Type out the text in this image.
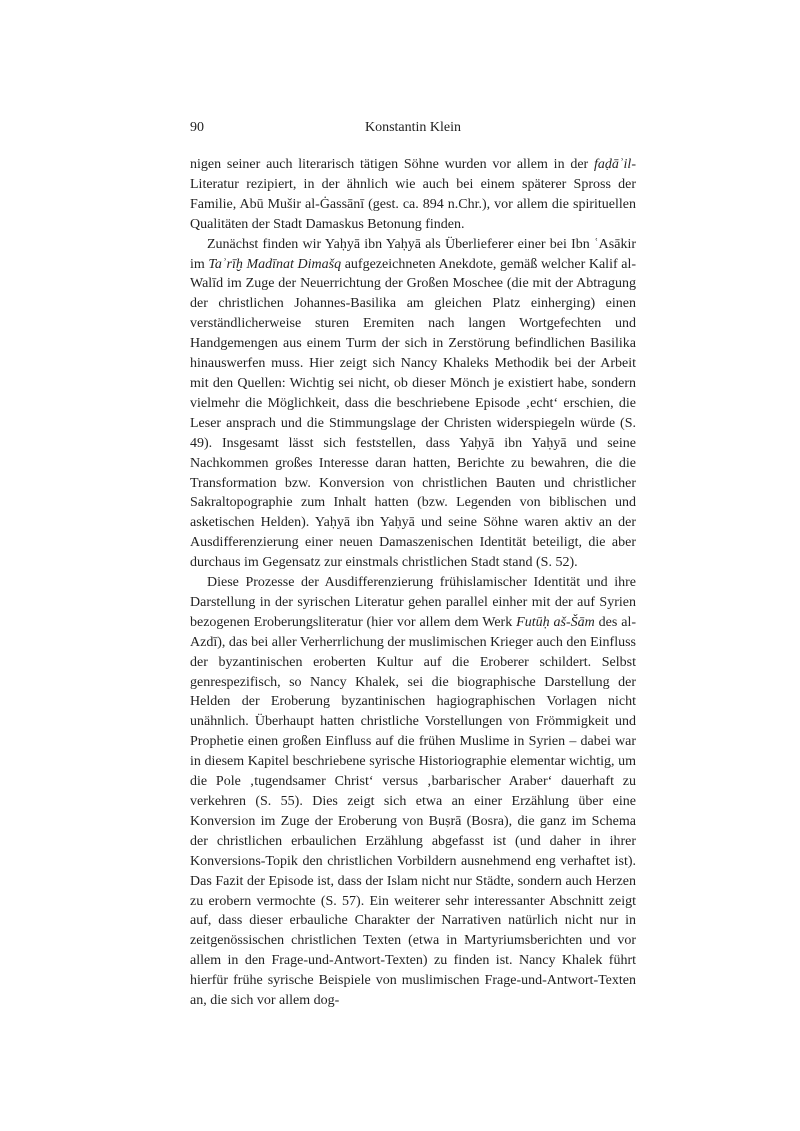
90	Konstantin Klein

nigen seiner auch literarisch tätigen Söhne wurden vor allem in der faḍāʾil-Literatur rezipiert, in der ähnlich wie auch bei einem späterer Spross der Familie, Abū Mušir al-Ġassānī (gest. ca. 894 n.Chr.), vor allem die spirituellen Qualitäten der Stadt Damaskus Betonung finden.

Zunächst finden wir Yaḥyā ibn Yaḥyā als Überlieferer einer bei Ibn ʿAsākir im Taʾrīḫ Madīnat Dimašq aufgezeichneten Anekdote, gemäß welcher Kalif al-Walīd im Zuge der Neuerrichtung der Großen Moschee (die mit der Abtragung der christlichen Johannes-Basilika am gleichen Platz einherging) einen verständlicherweise sturen Eremiten nach langen Wortgefechten und Handgemengen aus einem Turm der sich in Zerstörung befindlichen Basilika hinauswerfen muss. Hier zeigt sich Nancy Khaleks Methodik bei der Arbeit mit den Quellen: Wichtig sei nicht, ob dieser Mönch je existiert habe, sondern vielmehr die Möglichkeit, dass die beschriebene Episode ‚echt‘ erschien, die Leser ansprach und die Stimmungslage der Christen widerspiegeln würde (S. 49). Insgesamt lässt sich feststellen, dass Yaḥyā ibn Yaḥyā und seine Nachkommen großes Interesse daran hatten, Berichte zu bewahren, die die Transformation bzw. Konversion von christlichen Bauten und christlicher Sakraltopographie zum Inhalt hatten (bzw. Legenden von biblischen und asketischen Helden). Yaḥyā ibn Yaḥyā und seine Söhne waren aktiv an der Ausdifferenzierung einer neuen Damaszenischen Identität beteiligt, die aber durchaus im Gegensatz zur einstmals christlichen Stadt stand (S. 52).

Diese Prozesse der Ausdifferenzierung frühislamischer Identität und ihre Darstellung in der syrischen Literatur gehen parallel einher mit der auf Syrien bezogenen Eroberungsliteratur (hier vor allem dem Werk Futūḥ aš-Šām des al-Azdī), das bei aller Verherrlichung der muslimischen Krieger auch den Einfluss der byzantinischen eroberten Kultur auf die Eroberer schildert. Selbst genrespezifisch, so Nancy Khalek, sei die biographische Darstellung der Helden der Eroberung byzantinischen hagiographischen Vorlagen nicht unähnlich. Überhaupt hatten christliche Vorstellungen von Frömmigkeit und Prophetie einen großen Einfluss auf die frühen Muslime in Syrien – dabei war in diesem Kapitel beschriebene syrische Historiographie elementar wichtig, um die Pole ‚tugendsamer Christ‘ versus ‚barbarischer Araber‘ dauerhaft zu verkehren (S. 55). Dies zeigt sich etwa an einer Erzählung über eine Konversion im Zuge der Eroberung von Buṣrā (Bosra), die ganz im Schema der christlichen erbaulichen Erzählung abgefasst ist (und daher in ihrer Konversions-Topik den christlichen Vorbildern ausnehmend eng verhaftet ist). Das Fazit der Episode ist, dass der Islam nicht nur Städte, sondern auch Herzen zu erobern vermochte (S. 57). Ein weiterer sehr interessanter Abschnitt zeigt auf, dass dieser erbauliche Charakter der Narrativen natürlich nicht nur in zeitgenössischen christlichen Texten (etwa in Martyriumsberichten und vor allem in den Frage-und-Antwort-Texten) zu finden ist. Nancy Khalek führt hierfür frühe syrische Beispiele von muslimischen Frage-und-Antwort-Texten an, die sich vor allem dog-
